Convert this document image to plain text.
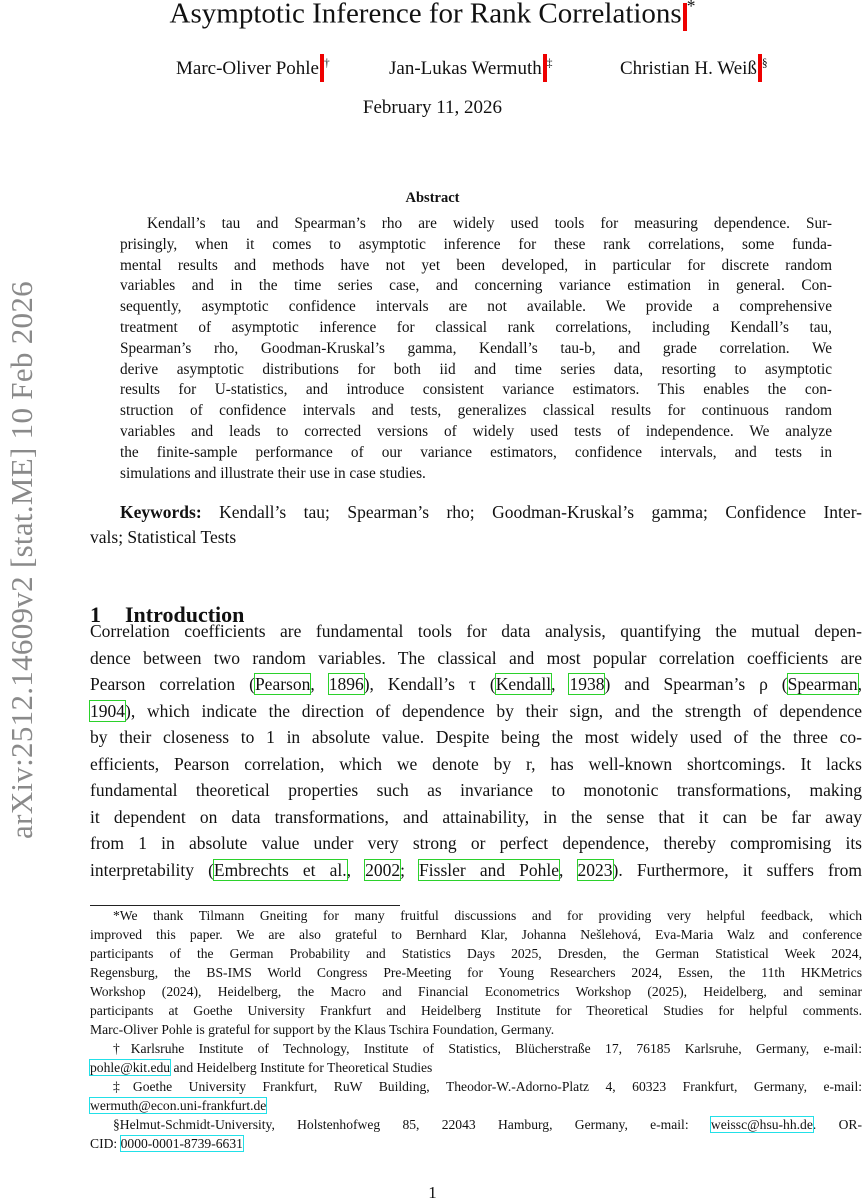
arXiv:2512.14609v2 [stat.ME] 10 Feb 2026
Asymptotic Inference for Rank Correlations *
Marc-Oliver Pohle †	Jan-Lukas Wermuth ‡	Christian H. Weiß §
February 11, 2026
Abstract
Kendall’s tau and Spearman’s rho are widely used tools for measuring dependence. Sur-
prisingly, when it comes to asymptotic inference for these rank correlations, some funda-
mental results and methods have not yet been developed, in particular for discrete random
variables and in the time series case, and concerning variance estimation in general. Con-
sequently, asymptotic confidence intervals are not available. We provide a comprehensive
treatment of asymptotic inference for classical rank correlations, including Kendall’s tau,
Spearman’s rho, Goodman-Kruskal’s gamma, Kendall’s tau-b, and grade correlation. We
derive asymptotic distributions for both iid and time series data, resorting to asymptotic
results for U-statistics, and introduce consistent variance estimators. This enables the con-
struction of confidence intervals and tests, generalizes classical results for continuous random
variables and leads to corrected versions of widely used tests of independence. We analyze
the finite-sample performance of our variance estimators, confidence intervals, and tests in
simulations and illustrate their use in case studies.
Keywords: Kendall’s tau; Spearman’s rho; Goodman-Kruskal’s gamma; Confidence Inter-
vals; Statistical Tests
1 Introduction
Correlation coefficients are fundamental tools for data analysis, quantifying the mutual depen-
dence between two random variables. The classical and most popular correlation coefficients are
Pearson correlation (Pearson, 1896), Kendall’s τ (Kendall, 1938) and Spearman’s ρ (Spearman,
1904), which indicate the direction of dependence by their sign, and the strength of dependence
by their closeness to 1 in absolute value. Despite being the most widely used of the three co-
efficients, Pearson correlation, which we denote by r, has well-known shortcomings. It lacks
fundamental theoretical properties such as invariance to monotonic transformations, making
it dependent on data transformations, and attainability, in the sense that it can be far away
from 1 in absolute value under very strong or perfect dependence, thereby compromising its
interpretability (Embrechts et al., 2002; Fissler and Pohle, 2023). Furthermore, it suffers from
*We thank Tilmann Gneiting for many fruitful discussions and for providing very helpful feedback, which
improved this paper. We are also grateful to Bernhard Klar, Johanna Nešlehová, Eva-Maria Walz and conference
participants of the German Probability and Statistics Days 2025, Dresden, the German Statistical Week 2024,
Regensburg, the BS-IMS World Congress Pre-Meeting for Young Researchers 2024, Essen, the 11th HKMetrics
Workshop (2024), Heidelberg, the Macro and Financial Econometrics Workshop (2025), Heidelberg, and seminar
participants at Goethe University Frankfurt and Heidelberg Institute for Theoretical Studies for helpful comments.
Marc-Oliver Pohle is grateful for support by the Klaus Tschira Foundation, Germany.
†Karlsruhe Institute of Technology, Institute of Statistics, Blücherstraße 17, 76185 Karlsruhe, Germany, e-mail:
pohle@kit.edu and Heidelberg Institute for Theoretical Studies
‡Goethe University Frankfurt, RuW Building, Theodor-W.-Adorno-Platz 4, 60323 Frankfurt, Germany, e-mail:
wermuth@econ.uni-frankfurt.de
§Helmut-Schmidt-University, Holstenhofweg 85, 22043 Hamburg, Germany, e-mail: weissc@hsu-hh.de. OR-
CID: 0000-0001-8739-6631
1
